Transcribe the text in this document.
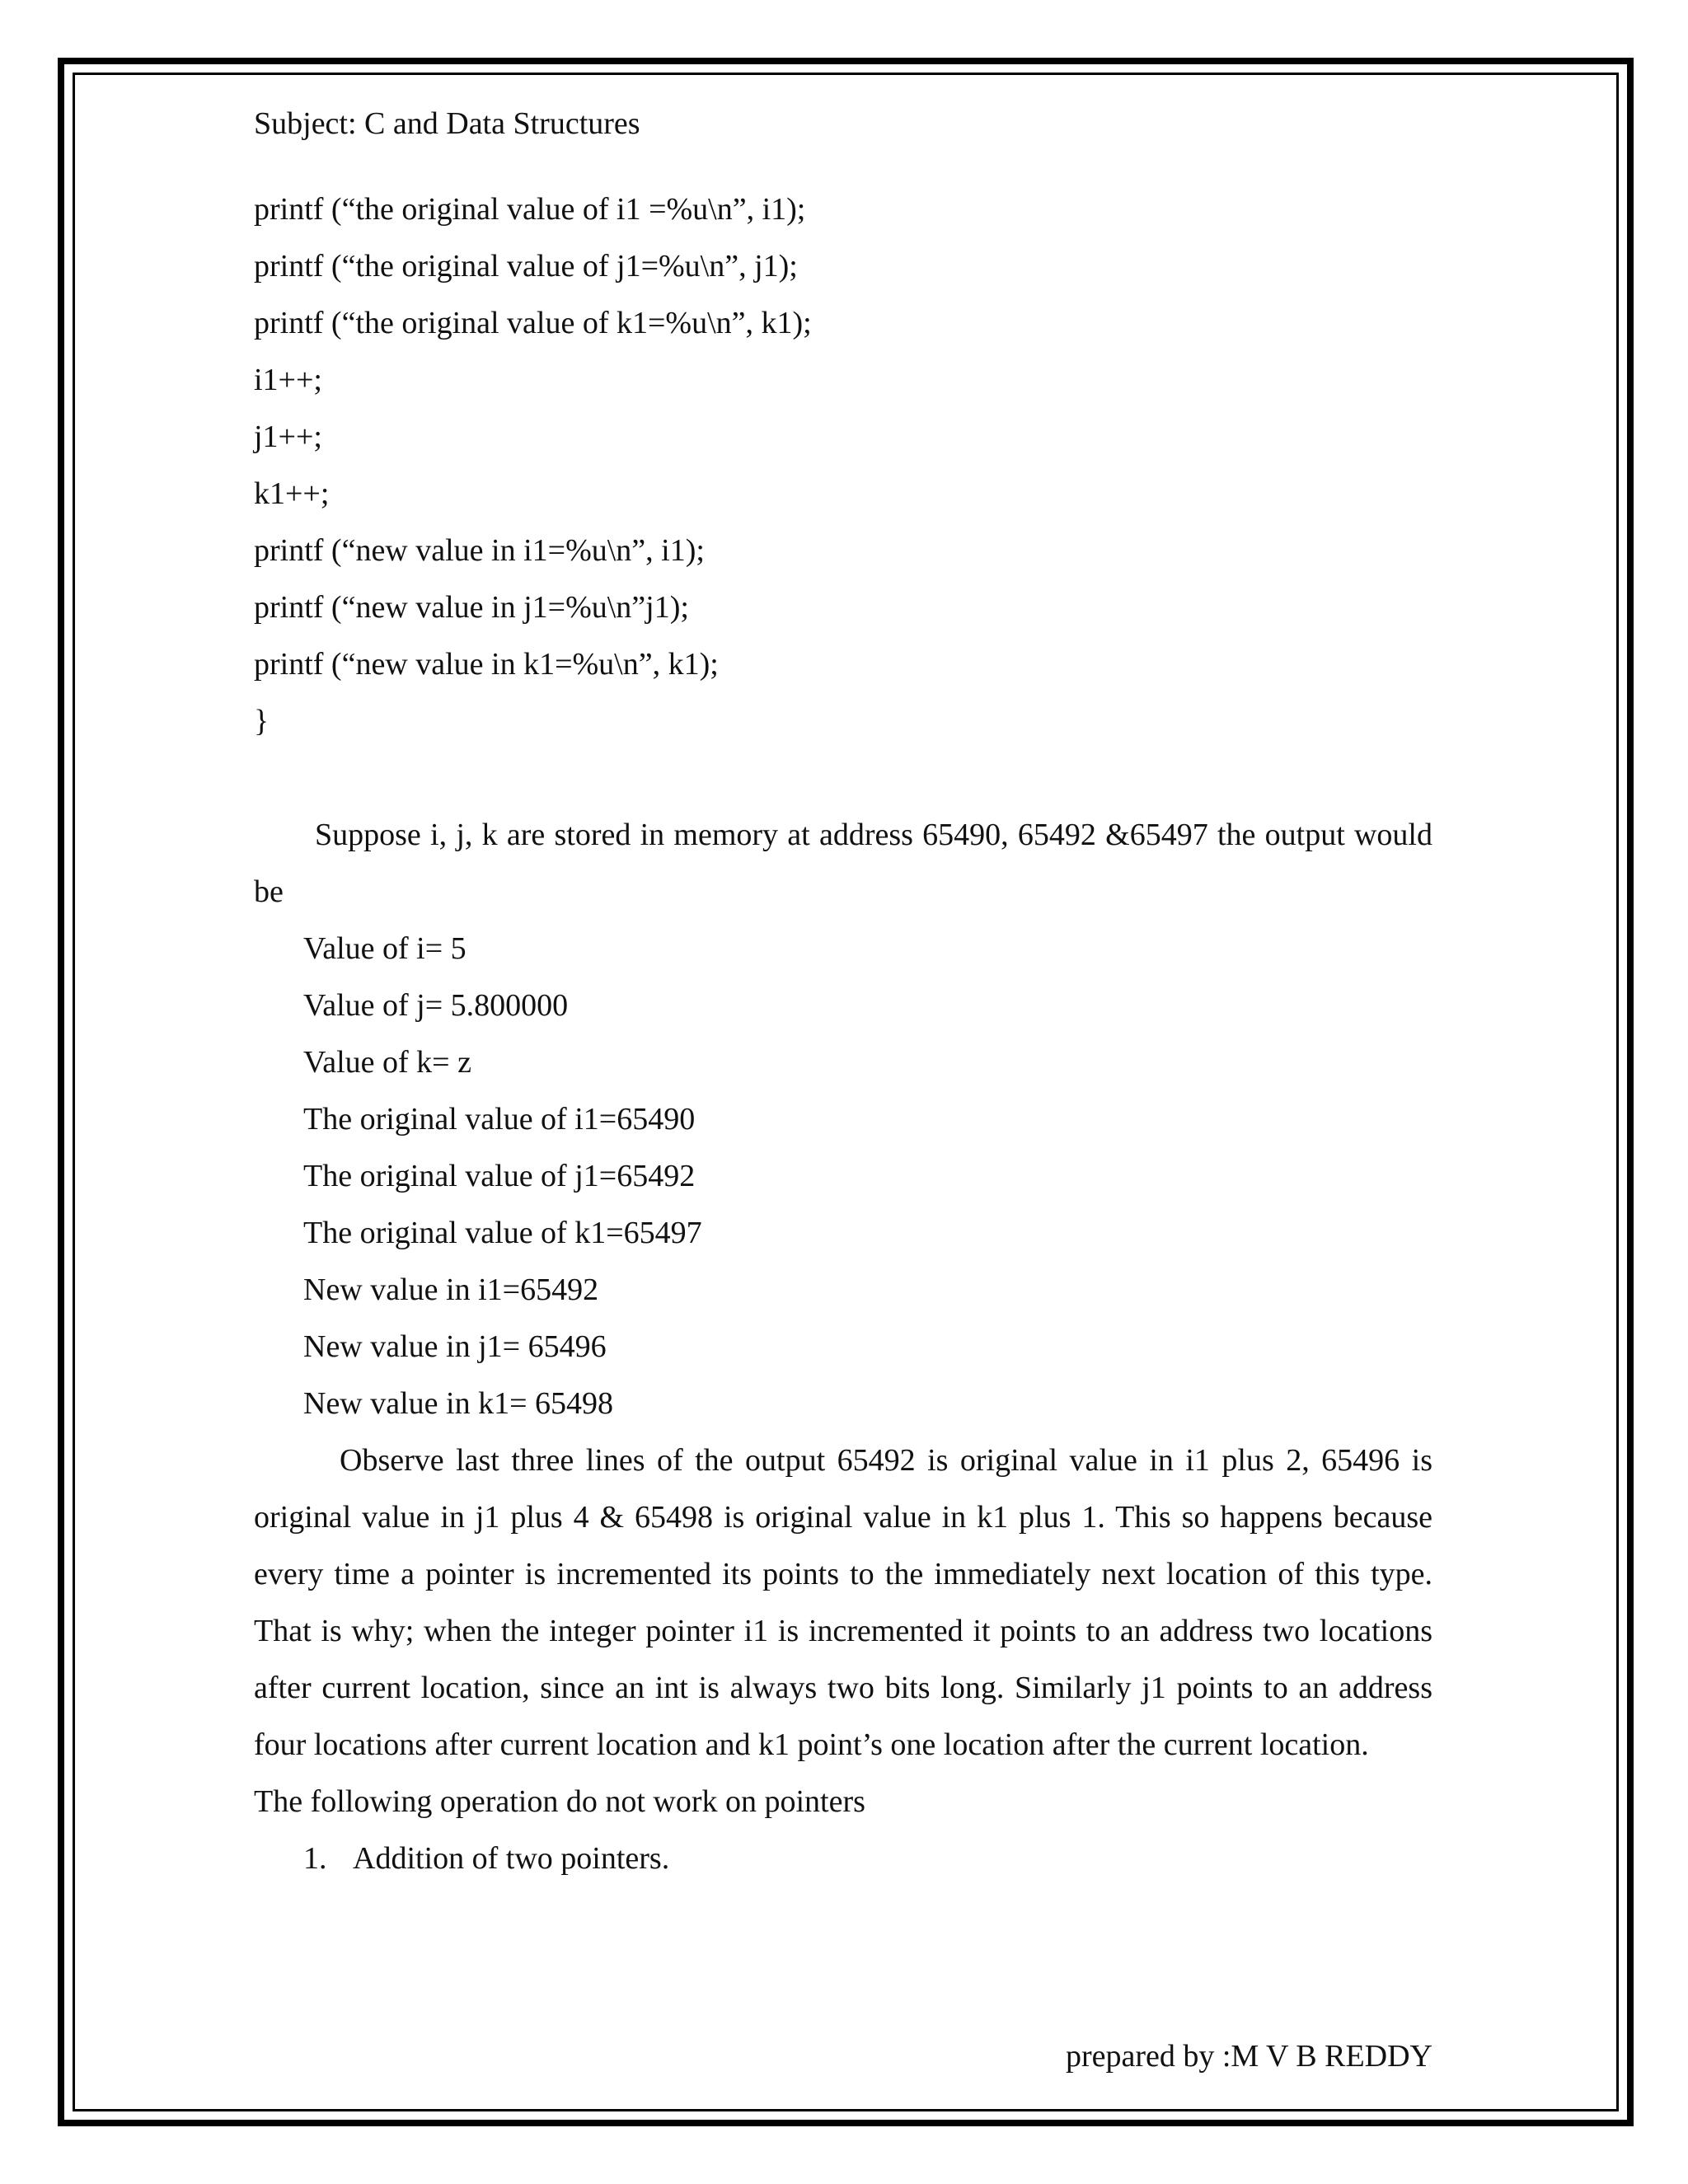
Subject: C and Data Structures

printf (“the original value of i1 =%u\n”, i1);

printf (“the original value of j1=%u\n”, j1);

printf (“the original value of k1=%u\n”, k1);

i1++;

j1++;

k1++;

printf (“new value in i1=%u\n”, i1);

printf (“new value in j1=%u\n”j1);

printf (“new value in k1=%u\n”, k1);

}

Suppose i, j, k are stored in memory at address 65490, 65492 &65497 the output would be

Value of i= 5

Value of j= 5.800000

Value of k= z

The original value of i1=65490

The original value of j1=65492

The original value of k1=65497

New value in i1=65492

New value in j1= 65496

New value in k1= 65498

Observe last three lines of the output 65492 is original value in i1 plus 2, 65496 is original value in j1 plus 4 & 65498 is original value in k1 plus 1. This so happens because every time a pointer is incremented its points to the immediately next location of this type. That is why; when the integer pointer i1 is incremented it points to an address two locations after current location, since an int is always two bits long. Similarly j1 points to an address four locations after current location and k1 point’s one location after the current location.

The following operation do not work on pointers

1. Addition of two pointers.
prepared by :M V B REDDY
